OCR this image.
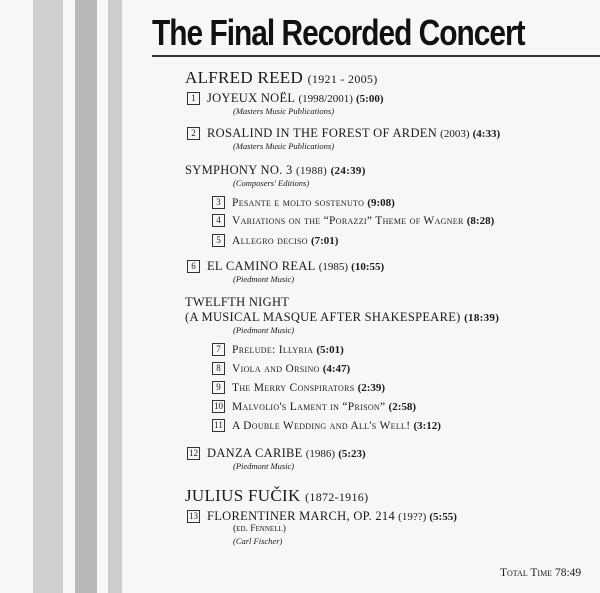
The Final Recorded Concert
ALFRED REED (1921 - 2005)
1 JOYEUX NOËL (1998/2001) (5:00)
(Masters Music Publications)
2 ROSALIND IN THE FOREST OF ARDEN (2003) (4:33)
(Masters Music Publications)
SYMPHONY NO. 3 (1988) (24:39)
(Composers' Editions)
3 Pesante e molto sostenuto (9:08)
4 Variations on the “Porazzi” Theme of Wagner (8:28)
5 Allegro deciso (7:01)
6 EL CAMINO REAL (1985) (10:55)
(Piedmont Music)
TWELFTH NIGHT
(A MUSICAL MASQUE AFTER SHAKESPEARE) (18:39)
(Piedmont Music)
7 Prelude: Illyria (5:01)
8 Viola and Orsino (4:47)
9 The Merry Conspirators (2:39)
10 Malvolio's Lament in “Prison” (2:58)
11 A Double Wedding and All's Well! (3:12)
12 DANZA CARIBE (1986) (5:23)
(Piedmont Music)
JULIUS FUČIK (1872-1916)
13 FLORENTINER MARCH, OP. 214 (19??) (5:55)
(ed. Fennell)
(Carl Fischer)
Total Time 78:49
